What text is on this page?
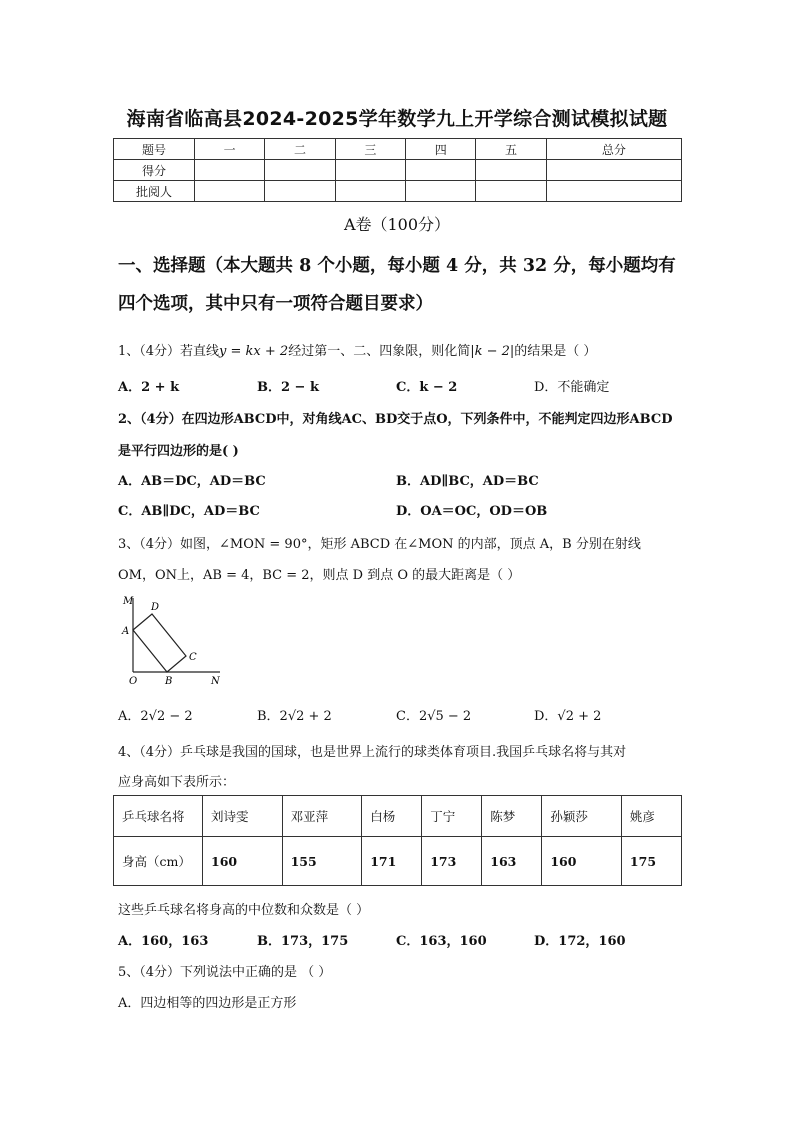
海南省临高县2024-2025学年数学九上开学综合测试模拟试题
题号	一	二	三	四	五	总分
得分						
批阅人						
A卷（100分）
一、选择题（本大题共 8 个小题，每小题 4 分，共 32 分，每小题均有四个选项，其中只有一项符合题目要求）
1、（4分）若直线y = kx + 2经过第一、二、四象限，则化简|k − 2|的结果是（ ）
A．2 + k	B．2 − k	C．k − 2	D．不能确定
2、（4分）在四边形ABCD中，对角线AC、BD交于点O，下列条件中，不能判定四边形ABCD
是平行四边形的是( )
A．AB＝DC，AD＝BC	B．AD∥BC，AD＝BC
C．AB∥DC，AD＝BC	D．OA＝OC，OD＝OB
3、（4分）如图，∠MON = 90°，矩形 ABCD 在∠MON 的内部，顶点 A，B 分别在射线
OM，ON上，AB = 4，BC = 2，则点 D 到点 O 的最大距离是（ ）
M
D
A
C
O	B	N
A．2√2 − 2	B．2√2 + 2	C．2√5 − 2	D．√2 + 2
4、（4分）乒乓球是我国的国球，也是世界上流行的球类体育项目.我国乒乓球名将与其对
应身高如下表所示：
乒乓球名将	刘诗雯	邓亚萍	白杨	丁宁	陈梦	孙颖莎	姚彦
身高（cm）	160	155	171	173	163	160	175
这些乒乓球名将身高的中位数和众数是（ ）
A．160，163	B．173，175	C．163，160	D．172，160
5、（4分）下列说法中正确的是 （ ）
A．四边相等的四边形是正方形
